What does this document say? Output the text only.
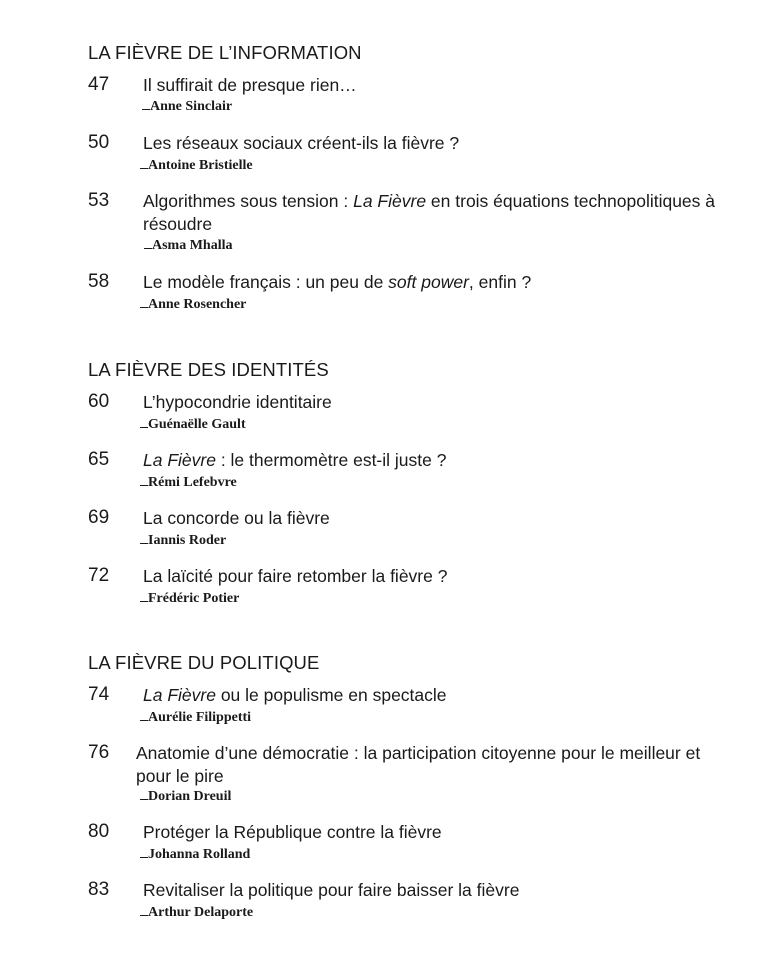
LA FIÈVRE DE L’INFORMATION
47 Il suffirait de presque rien…
Anne Sinclair
50 Les réseaux sociaux créent-ils la fièvre ?
Antoine Bristielle
53 Algorithmes sous tension : La Fièvre en trois équations technopolitiques à résoudre
Asma Mhalla
58 Le modèle français : un peu de soft power, enfin ?
Anne Rosencher
LA FIÈVRE DES IDENTITÉS
60 L’hypocondrie identitaire
Guénaëlle Gault
65 La Fièvre : le thermomètre est-il juste ?
Rémi Lefebvre
69 La concorde ou la fièvre
Iannis Roder
72 La laïcité pour faire retomber la fièvre ?
Frédéric Potier
LA FIÈVRE DU POLITIQUE
74 La Fièvre ou le populisme en spectacle
Aurélie Filippetti
76 Anatomie d’une démocratie : la participation citoyenne pour le meilleur et pour le pire
Dorian Dreuil
80 Protéger la République contre la fièvre
Johanna Rolland
83 Revitaliser la politique pour faire baisser la fièvre
Arthur Delaporte
